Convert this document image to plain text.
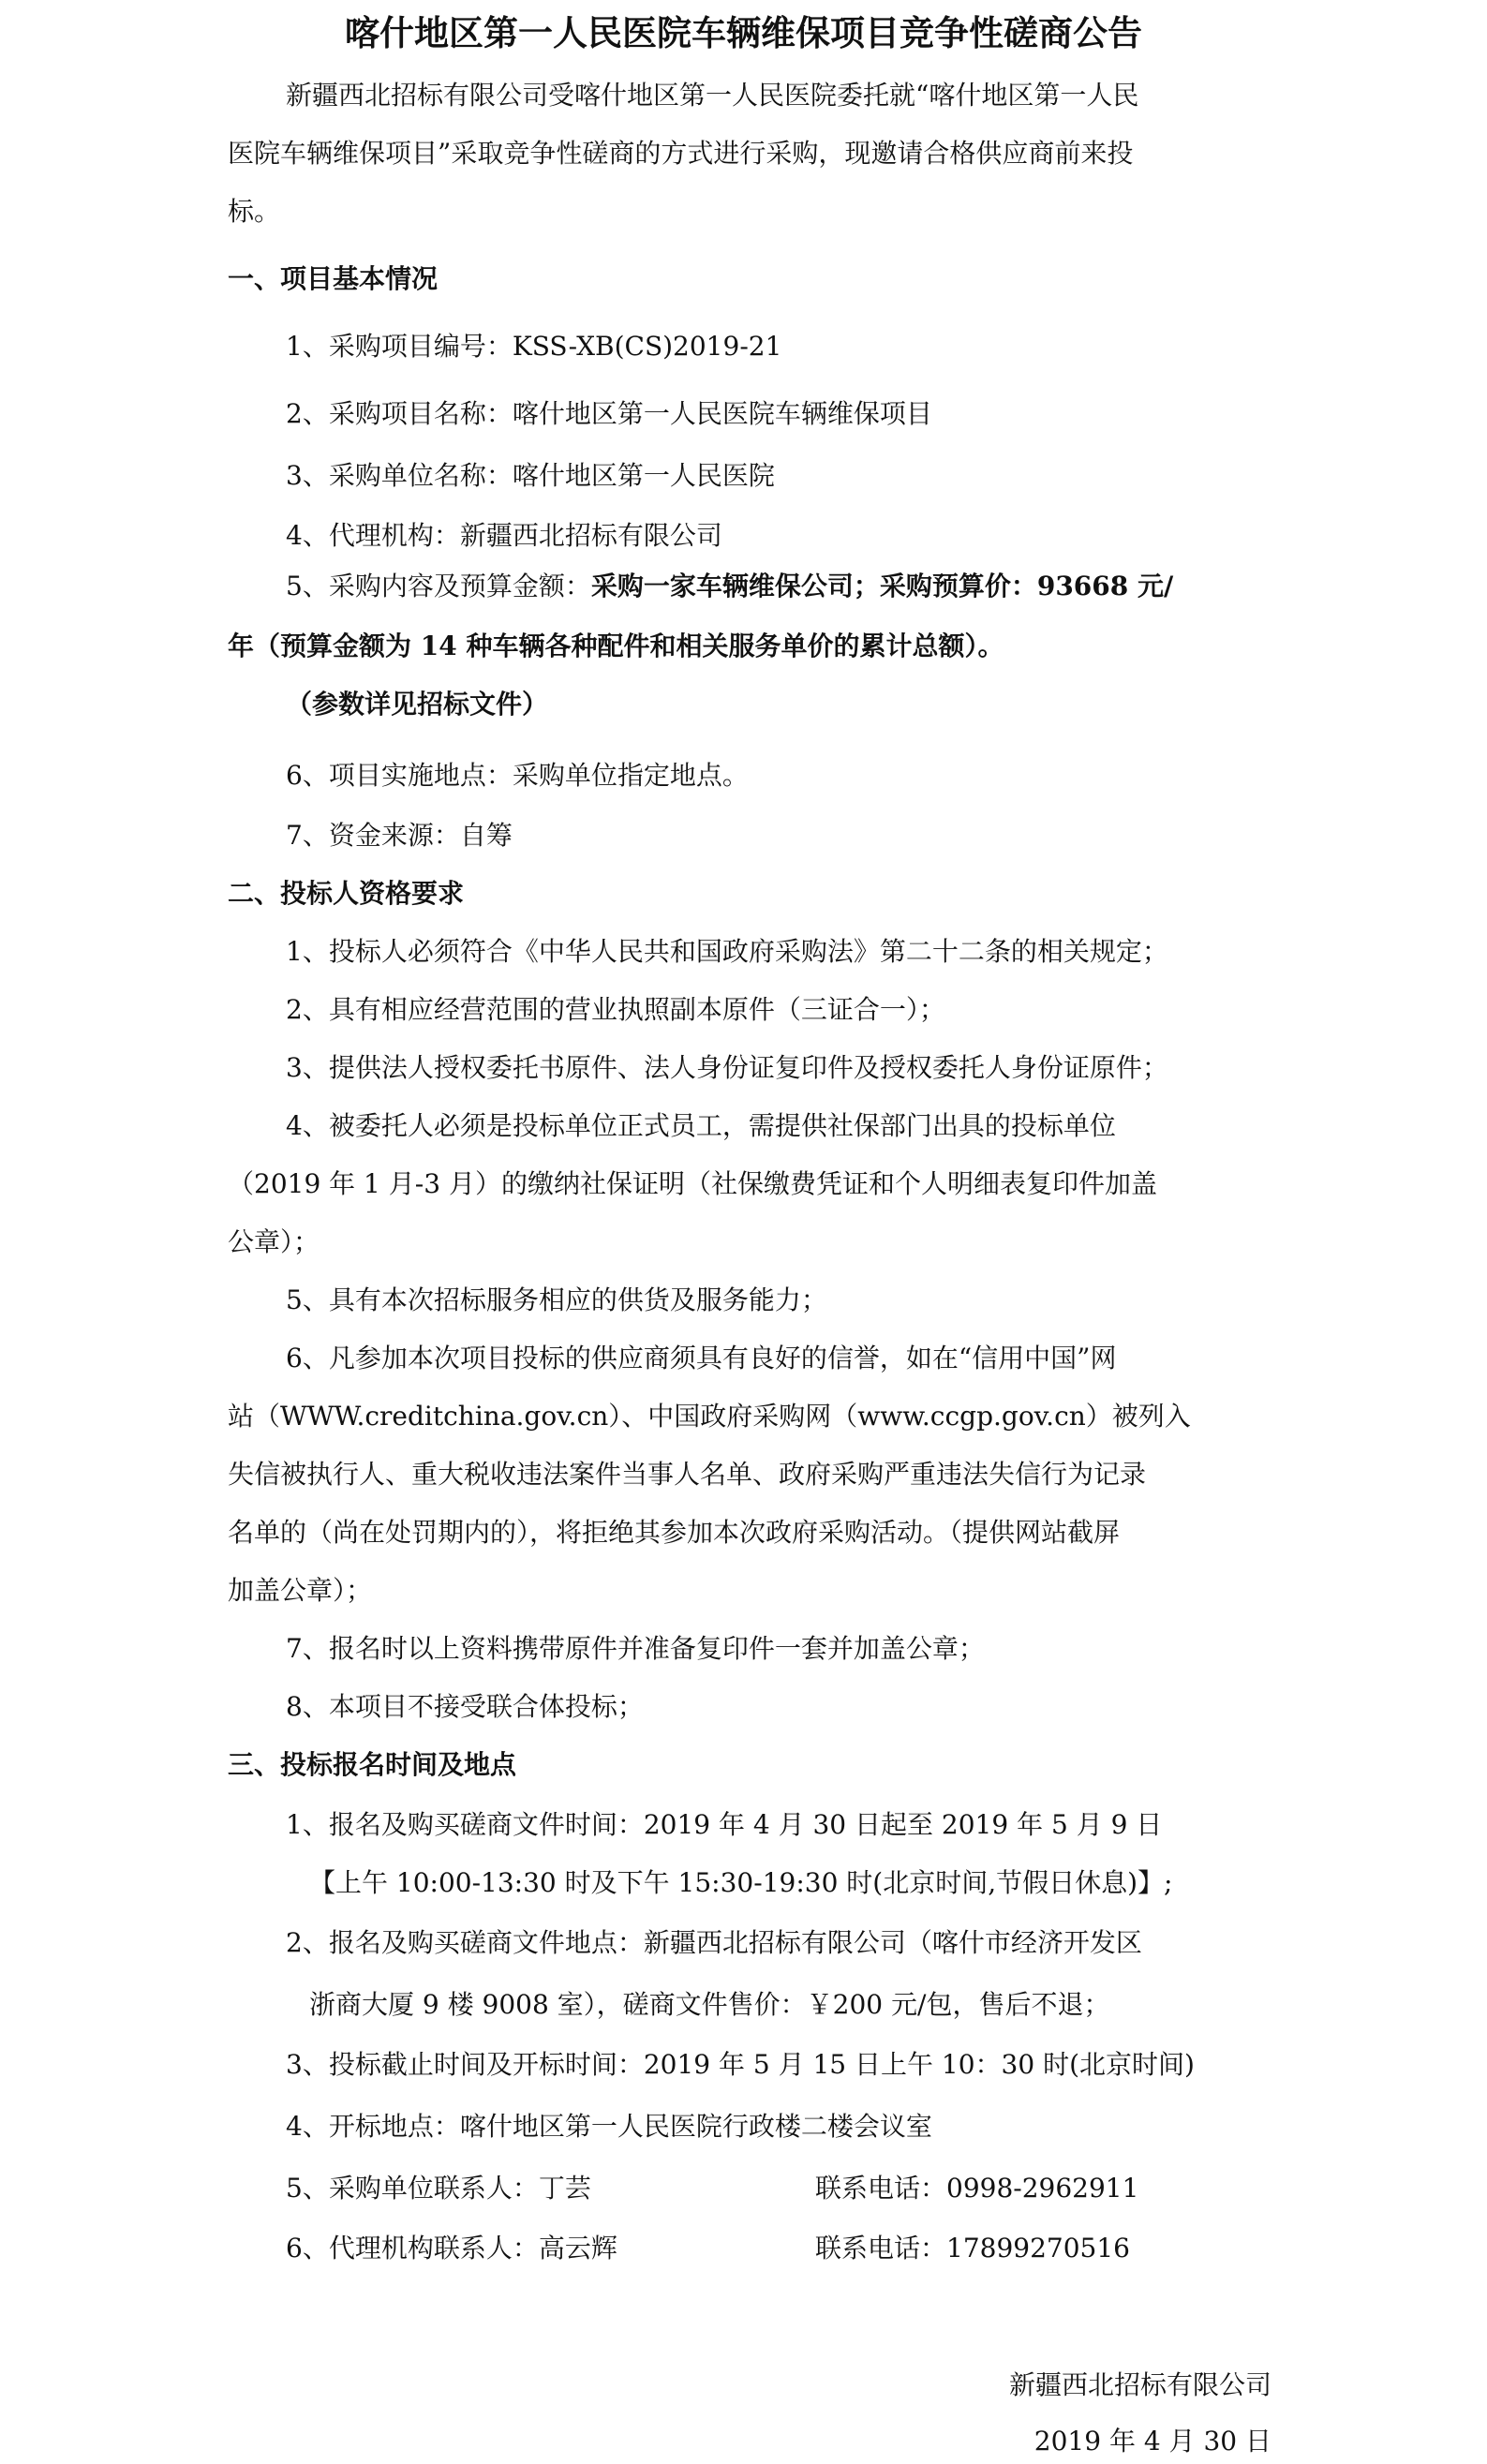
喀什地区第一人民医院车辆维保项目竞争性磋商公告
新疆西北招标有限公司受喀什地区第一人民医院委托就“喀什地区第一人民
医院车辆维保项目”采取竞争性磋商的方式进行采购，现邀请合格供应商前来投
标。
一、项目基本情况
1、采购项目编号：KSS-XB(CS)2019-21
2、采购项目名称：喀什地区第一人民医院车辆维保项目
3、采购单位名称：喀什地区第一人民医院
4、代理机构：新疆西北招标有限公司
5、采购内容及预算金额：采购一家车辆维保公司；采购预算价：93668 元/
年（预算金额为 14 种车辆各种配件和相关服务单价的累计总额）。
（参数详见招标文件）
6、项目实施地点：采购单位指定地点。
7、资金来源：自筹
二、投标人资格要求
1、投标人必须符合《中华人民共和国政府采购法》第二十二条的相关规定；
2、具有相应经营范围的营业执照副本原件（三证合一）；
3、提供法人授权委托书原件、法人身份证复印件及授权委托人身份证原件；
4、被委托人必须是投标单位正式员工，需提供社保部门出具的投标单位
（2019 年 1 月-3 月）的缴纳社保证明（社保缴费凭证和个人明细表复印件加盖
公章）；
5、具有本次招标服务相应的供货及服务能力；
6、凡参加本次项目投标的供应商须具有良好的信誉，如在“信用中国”网
站（WWW.creditchina.gov.cn）、中国政府采购网（www.ccgp.gov.cn）被列入
失信被执行人、重大税收违法案件当事人名单、政府采购严重违法失信行为记录
名单的（尚在处罚期内的），将拒绝其参加本次政府采购活动。（提供网站截屏
加盖公章）；
7、报名时以上资料携带原件并准备复印件一套并加盖公章；
8、本项目不接受联合体投标；
三、投标报名时间及地点
1、报名及购买磋商文件时间：2019 年 4 月 30 日起至 2019 年 5 月 9 日
【上午 10:00-13:30 时及下午 15:30-19:30 时(北京时间,节假日休息)】;
2、报名及购买磋商文件地点：新疆西北招标有限公司（喀什市经济开发区
浙商大厦 9 楼 9008 室），磋商文件售价：￥200 元/包，售后不退；
3、投标截止时间及开标时间：2019 年 5 月 15 日上午 10：30 时(北京时间)
4、开标地点：喀什地区第一人民医院行政楼二楼会议室
5、采购单位联系人：丁芸	联系电话：0998-2962911
6、代理机构联系人：高云辉	联系电话：17899270516
新疆西北招标有限公司
2019 年 4 月 30 日
